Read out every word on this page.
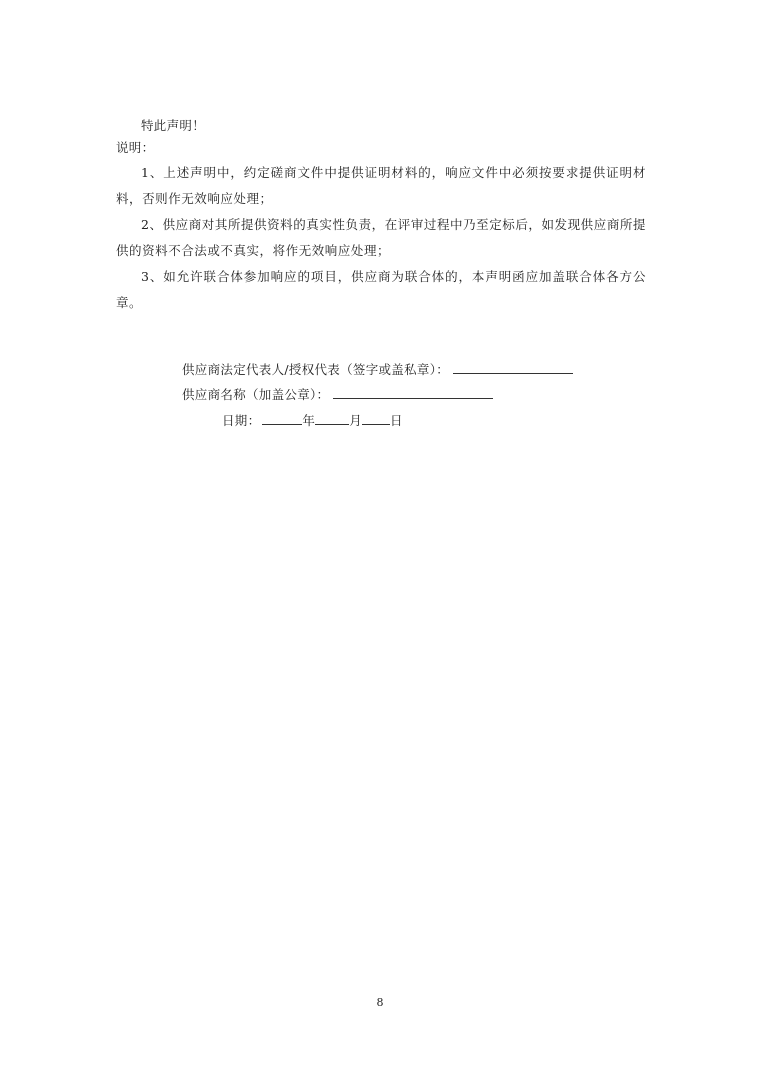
特此声明！
说明：
1、上述声明中，约定磋商文件中提供证明材料的，响应文件中必须按要求提供证明材料，否则作无效响应处理；
2、供应商对其所提供资料的真实性负责，在评审过程中乃至定标后，如发现供应商所提供的资料不合法或不真实，将作无效响应处理；
3、如允许联合体参加响应的项目，供应商为联合体的，本声明函应加盖联合体各方公章。
供应商法定代表人/授权代表（签字或盖私章）：
供应商名称（加盖公章）：
日期：	年	月 日
8
